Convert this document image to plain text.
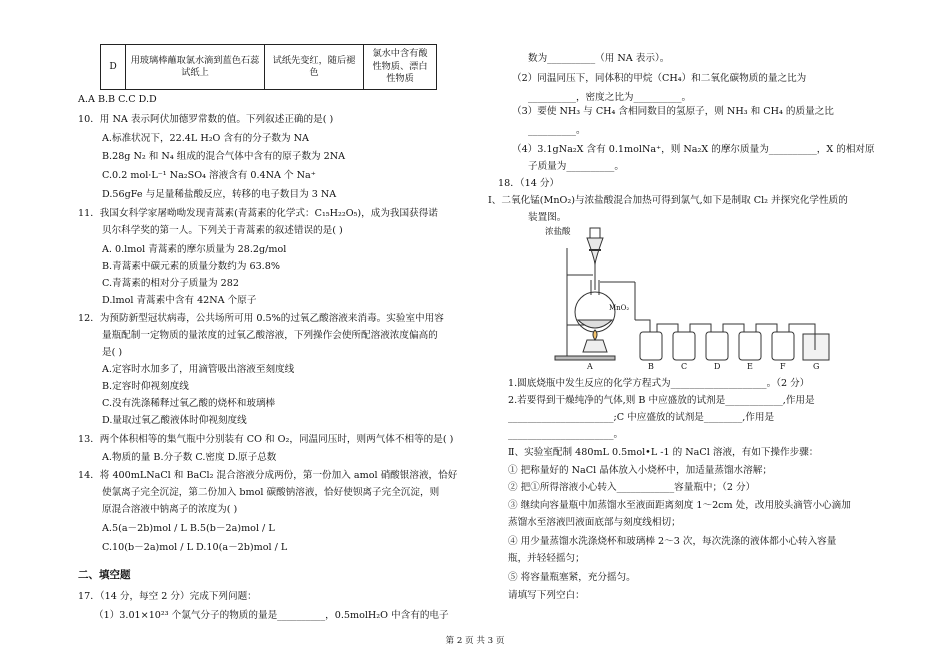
D	用玻璃棒蘸取氯水滴到蓝色石蕊试纸上	试纸先变红，随后褪色	氯水中含有酸性物质、漂白性物质
A.A B.B C.C D.D
10．用 NA 表示阿伏加德罗常数的值。下列叙述正确的是( )
A.标准状况下，22.4L H₂O 含有的分子数为 NA
B.28g N₂ 和 N₄ 组成的混合气体中含有的原子数为 2NA
C.0.2 mol·L⁻¹ Na₂SO₄ 溶液含有 0.4NA 个 Na⁺
D.56gFe 与足量稀盐酸反应，转移的电子数目为 3 NA
11．我国女科学家屠呦呦发现青蒿素(青蒿素的化学式：C₁₅H₂₂O₅)，成为我国获得诺
贝尔科学奖的第一人。下列关于青蒿素的叙述错误的是( )
A. 0.lmol 青蒿素的摩尔质量为 28.2g/mol
B.青蒿素中碳元素的质量分数约为 63.8%
C.青蒿素的相对分子质量为 282
D.lmol 青蒿素中含有 42NA 个原子
12．为预防新型冠状病毒，公共场所可用 0.5%的过氧乙酸溶液来消毒。实验室中用容
量瓶配制一定物质的量浓度的过氧乙酸溶液，下列操作会使所配溶液浓度偏高的
是( )
A.定容时水加多了，用滴管吸出溶液至刻度线
B.定容时仰视刻度线
C.没有洗涤稀释过氧乙酸的烧杯和玻璃棒
D.量取过氧乙酸液体时仰视刻度线
13．两个体积相等的集气瓶中分别装有 CO 和 O₂，同温同压时，则两气体不相等的是( )
A.物质的量 B.分子数 C.密度 D.原子总数
14．将 400mLNaCl 和 BaCl₂ 混合溶液分成两份，第一份加入 amol 硝酸银溶液，恰好
使氯离子完全沉淀，第二份加入 bmol 碳酸钠溶液，恰好使钡离子完全沉淀，则
原混合溶液中钠离子的浓度为( )
A.5(a－2b)mol / L B.5(b－2a)mol / L
C.10(b－2a)mol / L D.10(a－2b)mol / L
二、填空题
17．（14 分，每空 2 分）完成下列问题：
（1）3.01×10²³ 个氯气分子的物质的量是__________，0.5molH₂O 中含有的电子
数为__________（用 NA 表示）。
（2）同温同压下，同体积的甲烷（CH₄）和二氧化碳物质的量之比为
__________，密度之比为__________。
（3）要使 NH₃ 与 CH₄ 含相同数目的氢原子，则 NH₃ 和 CH₄ 的质量之比
__________。
（4）3.1gNa₂X 含有 0.1molNa⁺，则 Na₂X 的摩尔质量为__________，X 的相对原
子质量为__________。
18．（14 分）
Ⅰ、二氧化锰(MnO₂)与浓盐酸混合加热可得到氯气,如下是制取 Cl₂ 并探究化学性质的
装置图。
1.圆底烧瓶中发生反应的化学方程式为____________________。（2 分）
2.若要得到干燥纯净的气体,则 B 中应盛放的试剂是____________,作用是
______________________;C 中应盛放的试剂是________,作用是
______________________。
Ⅱ、实验室配制 480mL 0.5mol•L -1 的 NaCl 溶液，有如下操作步骤：
① 把称量好的 NaCl 晶体放入小烧杯中，加适量蒸馏水溶解；
② 把①所得溶液小心转入____________容量瓶中；（2 分）
③ 继续向容量瓶中加蒸馏水至液面距离刻度 1～2cm 处，改用胶头滴管小心滴加
蒸馏水至溶液凹液面底部与刻度线相切；
④ 用少量蒸馏水洗涤烧杯和玻璃棒 2～3 次，每次洗涤的液体都小心转入容量
瓶，并轻轻摇匀；
⑤ 将容量瓶塞紧，充分摇匀。
请填写下列空白：
浓盐酸
MnO₂
A	B	C	D	E	F	G
第 2 页 共 3 页
